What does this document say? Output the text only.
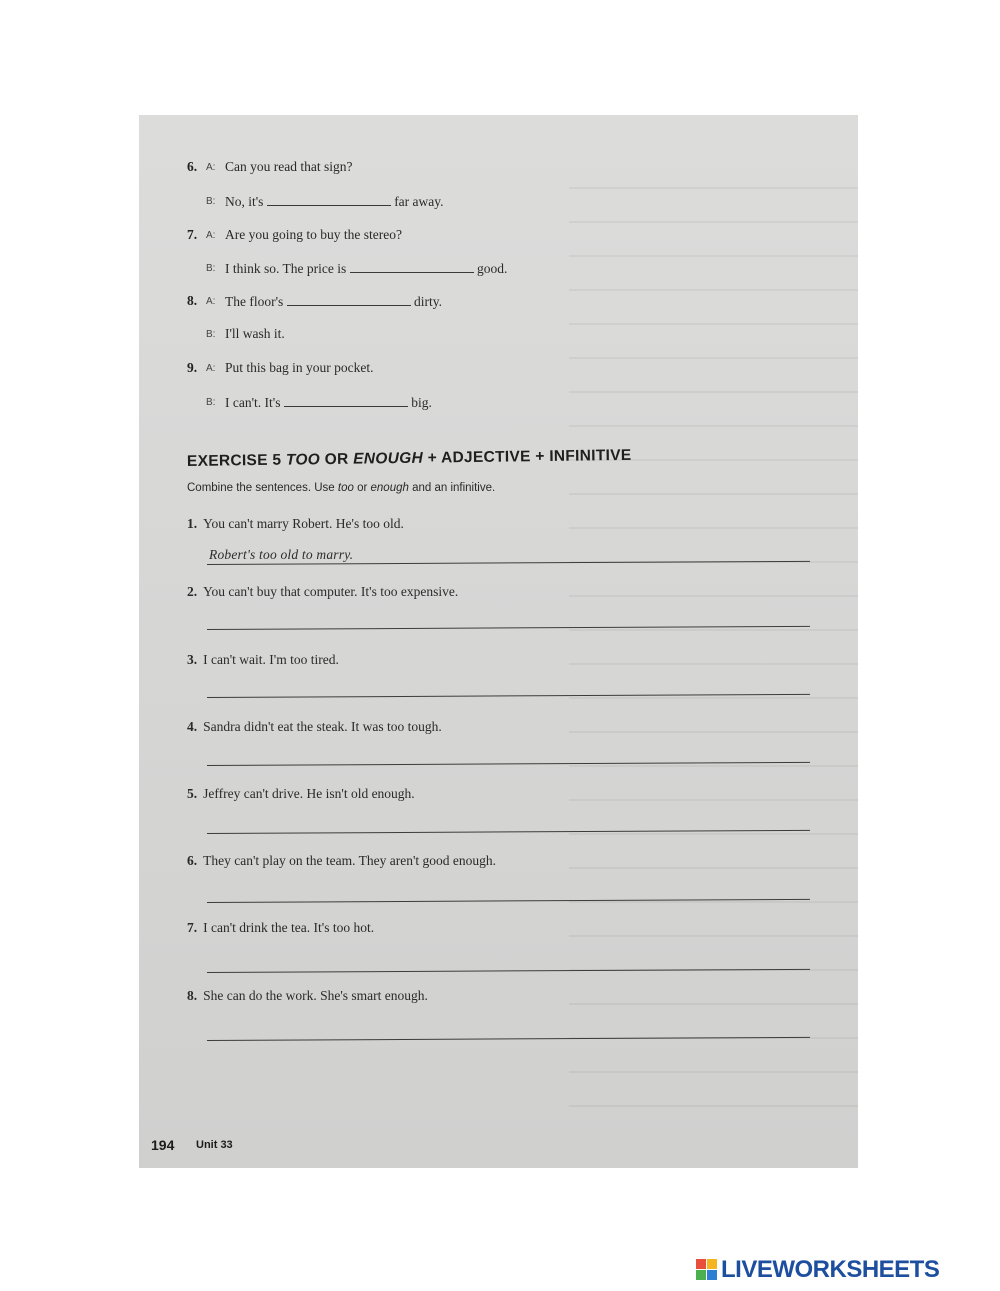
6. A: Can you read that sign?
B: No, it's	far away.
7. A: Are you going to buy the stereo?
B: I think so. The price is	good.
8. A: The floor's	dirty.
B: I'll wash it.
9. A: Put this bag in your pocket.
B: I can't. It's	big.
EXERCISE 5 TOO OR ENOUGH + ADJECTIVE + INFINITIVE
Combine the sentences. Use too or enough and an infinitive.
1. You can't marry Robert. He's too old.
Robert's too old to marry.
2. You can't buy that computer. It's too expensive.
3. I can't wait. I'm too tired.
4. Sandra didn't eat the steak. It was too tough.
5. Jeffrey can't drive. He isn't old enough.
6. They can't play on the team. They aren't good enough.
7. I can't drink the tea. It's too hot.
8. She can do the work. She's smart enough.
194 Unit 33
LIVEWORKSHEETS
